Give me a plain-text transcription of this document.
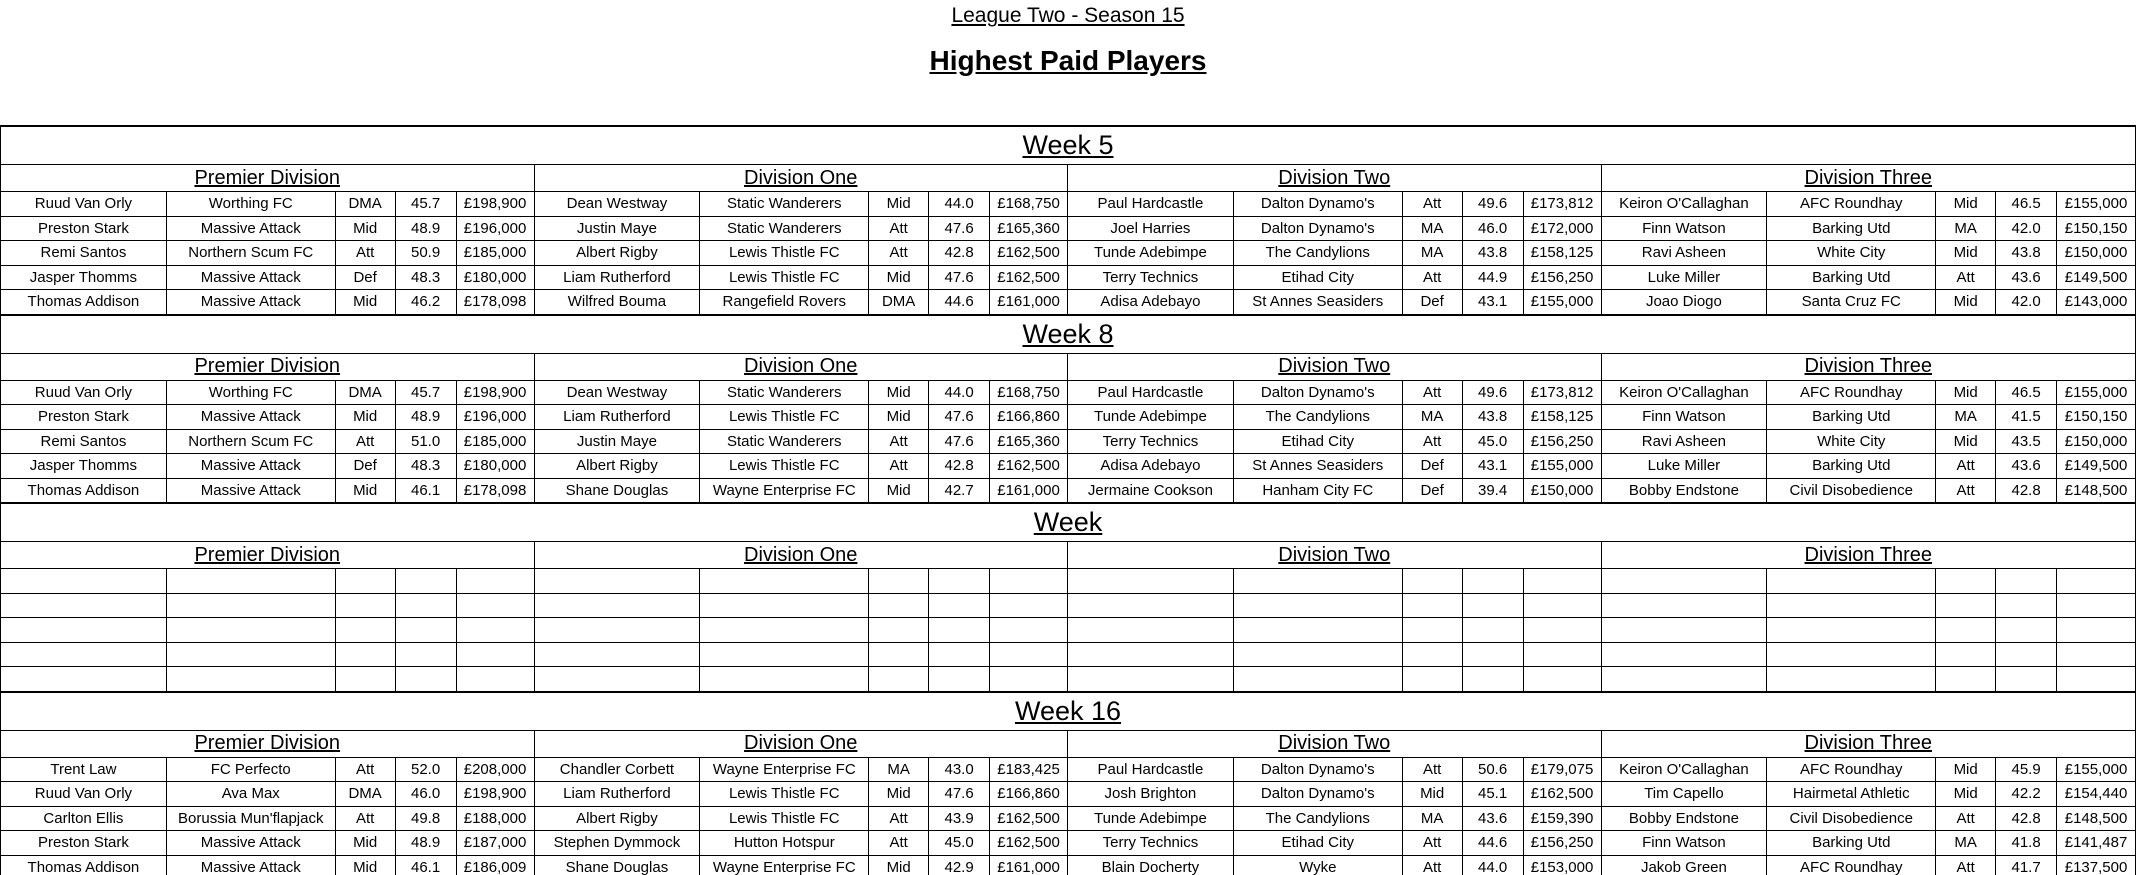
League Two - Season 15
Highest Paid Players
Week 5
Premier Division	Division One	Division Two	Division Three
Ruud Van Orly	Worthing FC	DMA	45.7	£198,900	Dean Westway	Static Wanderers	Mid	44.0	£168,750	Paul Hardcastle	Dalton Dynamo's	Att	49.6	£173,812	Keiron O'Callaghan	AFC Roundhay	Mid	46.5	£155,000
Preston Stark	Massive Attack	Mid	48.9	£196,000	Justin Maye	Static Wanderers	Att	47.6	£165,360	Joel Harries	Dalton Dynamo's	MA	46.0	£172,000	Finn Watson	Barking Utd	MA	42.0	£150,150
Remi Santos	Northern Scum FC	Att	50.9	£185,000	Albert Rigby	Lewis Thistle FC	Att	42.8	£162,500	Tunde Adebimpe	The Candylions	MA	43.8	£158,125	Ravi Asheen	White City	Mid	43.8	£150,000
Jasper Thomms	Massive Attack	Def	48.3	£180,000	Liam Rutherford	Lewis Thistle FC	Mid	47.6	£162,500	Terry Technics	Etihad City	Att	44.9	£156,250	Luke Miller	Barking Utd	Att	43.6	£149,500
Thomas Addison	Massive Attack	Mid	46.2	£178,098	Wilfred Bouma	Rangefield Rovers	DMA	44.6	£161,000	Adisa Adebayo	St Annes Seasiders	Def	43.1	£155,000	Joao Diogo	Santa Cruz FC	Mid	42.0	£143,000
Week 8
Premier Division	Division One	Division Two	Division Three
Ruud Van Orly	Worthing FC	DMA	45.7	£198,900	Dean Westway	Static Wanderers	Mid	44.0	£168,750	Paul Hardcastle	Dalton Dynamo's	Att	49.6	£173,812	Keiron O'Callaghan	AFC Roundhay	Mid	46.5	£155,000
Preston Stark	Massive Attack	Mid	48.9	£196,000	Liam Rutherford	Lewis Thistle FC	Mid	47.6	£166,860	Tunde Adebimpe	The Candylions	MA	43.8	£158,125	Finn Watson	Barking Utd	MA	41.5	£150,150
Remi Santos	Northern Scum FC	Att	51.0	£185,000	Justin Maye	Static Wanderers	Att	47.6	£165,360	Terry Technics	Etihad City	Att	45.0	£156,250	Ravi Asheen	White City	Mid	43.5	£150,000
Jasper Thomms	Massive Attack	Def	48.3	£180,000	Albert Rigby	Lewis Thistle FC	Att	42.8	£162,500	Adisa Adebayo	St Annes Seasiders	Def	43.1	£155,000	Luke Miller	Barking Utd	Att	43.6	£149,500
Thomas Addison	Massive Attack	Mid	46.1	£178,098	Shane Douglas	Wayne Enterprise FC	Mid	42.7	£161,000	Jermaine Cookson	Hanham City FC	Def	39.4	£150,000	Bobby Endstone	Civil Disobedience	Att	42.8	£148,500
Week
Premier Division	Division One	Division Two	Division Three
Week 16
Premier Division	Division One	Division Two	Division Three
Trent Law	FC Perfecto	Att	52.0	£208,000	Chandler Corbett	Wayne Enterprise FC	MA	43.0	£183,425	Paul Hardcastle	Dalton Dynamo's	Att	50.6	£179,075	Keiron O'Callaghan	AFC Roundhay	Mid	45.9	£155,000
Ruud Van Orly	Ava Max	DMA	46.0	£198,900	Liam Rutherford	Lewis Thistle FC	Mid	47.6	£166,860	Josh Brighton	Dalton Dynamo's	Mid	45.1	£162,500	Tim Capello	Hairmetal Athletic	Mid	42.2	£154,440
Carlton Ellis	Borussia Mun'flapjack	Att	49.8	£188,000	Albert Rigby	Lewis Thistle FC	Att	43.9	£162,500	Tunde Adebimpe	The Candylions	MA	43.6	£159,390	Bobby Endstone	Civil Disobedience	Att	42.8	£148,500
Preston Stark	Massive Attack	Mid	48.9	£187,000	Stephen Dymmock	Hutton Hotspur	Att	45.0	£162,500	Terry Technics	Etihad City	Att	44.6	£156,250	Finn Watson	Barking Utd	MA	41.8	£141,487
Thomas Addison	Massive Attack	Mid	46.1	£186,009	Shane Douglas	Wayne Enterprise FC	Mid	42.9	£161,000	Blain Docherty	Wyke	Att	44.0	£153,000	Jakob Green	AFC Roundhay	Att	41.7	£137,500
